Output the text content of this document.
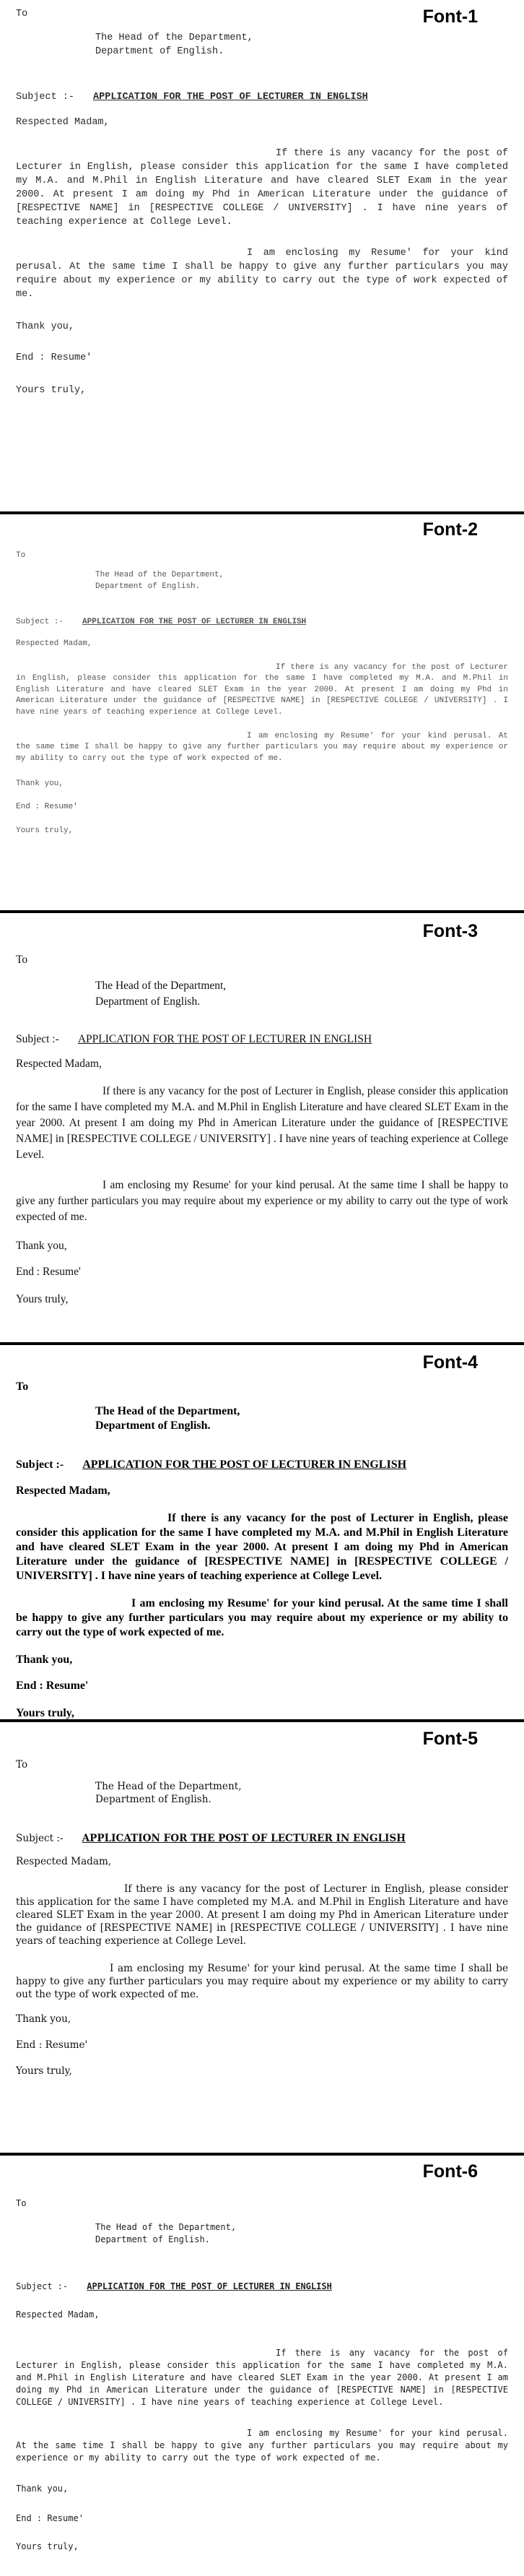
Font-1

To

The Head of the Department,

Department of English.

Subject :- APPLICATION FOR THE POST OF LECTURER IN ENGLISH

Respected Madam,

If there is any vacancy for the post of Lecturer in English, please consider this application for the same I have completed my M.A. and M.Phil in English Literature and have cleared SLET Exam in the year 2000. At present I am doing my Phd in American Literature under the guidance of [RESPECTIVE NAME] in [RESPECTIVE COLLEGE / UNIVERSITY] . I have nine years of teaching experience at College Level.

I am enclosing my Resume' for your kind perusal. At the same time I shall be happy to give any further particulars you may require about my experience or my ability to carry out the type of work expected of me.

Thank you,

End : Resume'

Yours truly,

Font-2

To

The Head of the Department,

Department of English.

Subject :- APPLICATION FOR THE POST OF LECTURER IN ENGLISH

Respected Madam,

If there is any vacancy for the post of Lecturer in English, please consider this application for the same I have completed my M.A. and M.Phil in English Literature and have cleared SLET Exam in the year 2000. At present I am doing my Phd in American Literature under the guidance of [RESPECTIVE NAME] in [RESPECTIVE COLLEGE / UNIVERSITY] . I have nine years of teaching experience at College Level.

I am enclosing my Resume' for your kind perusal. At the same time I shall be happy to give any further particulars you may require about my experience or my ability to carry out the type of work expected of me.

Thank you,

End : Resume'

Yours truly,

Font-3

To

The Head of the Department,

Department of English.

Subject :- APPLICATION FOR THE POST OF LECTURER IN ENGLISH

Respected Madam,

If there is any vacancy for the post of Lecturer in English, please consider this application for the same I have completed my M.A. and M.Phil in English Literature and have cleared SLET Exam in the year 2000. At present I am doing my Phd in American Literature under the guidance of [RESPECTIVE NAME] in [RESPECTIVE COLLEGE / UNIVERSITY] . I have nine years of teaching experience at College Level.

I am enclosing my Resume' for your kind perusal. At the same time I shall be happy to give any further particulars you may require about my experience or my ability to carry out the type of work expected of me.

Thank you,

End : Resume'

Yours truly,

Font-4

To

The Head of the Department,

Department of English.

Subject :- APPLICATION FOR THE POST OF LECTURER IN ENGLISH

Respected Madam,

If there is any vacancy for the post of Lecturer in English, please consider this application for the same I have completed my M.A. and M.Phil in English Literature and have cleared SLET Exam in the year 2000. At present I am doing my Phd in American Literature under the guidance of [RESPECTIVE NAME] in [RESPECTIVE COLLEGE / UNIVERSITY] . I have nine years of teaching experience at College Level.

I am enclosing my Resume' for your kind perusal. At the same time I shall be happy to give any further particulars you may require about my experience or my ability to carry out the type of work expected of me.

Thank you,

End : Resume'

Yours truly,

Font-5

To

The Head of the Department,

Department of English.

Subject :- APPLICATION FOR THE POST OF LECTURER IN ENGLISH

Respected Madam,

If there is any vacancy for the post of Lecturer in English, please consider this application for the same I have completed my M.A. and M.Phil in English Literature and have cleared SLET Exam in the year 2000. At present I am doing my Phd in American Literature under the guidance of [RESPECTIVE NAME] in [RESPECTIVE COLLEGE / UNIVERSITY] . I have nine years of teaching experience at College Level.

I am enclosing my Resume' for your kind perusal. At the same time I shall be happy to give any further particulars you may require about my experience or my ability to carry out the type of work expected of me.

Thank you,

End : Resume'

Yours truly,

Font-6

To

The Head of the Department,

Department of English.

Subject :- APPLICATION FOR THE POST OF LECTURER IN ENGLISH

Respected Madam,

If there is any vacancy for the post of Lecturer in English, please consider this application for the same I have completed my M.A. and M.Phil in English Literature and have cleared SLET Exam in the year 2000. At present I am doing my Phd in American Literature under the guidance of [RESPECTIVE NAME] in [RESPECTIVE COLLEGE / UNIVERSITY] . I have nine years of teaching experience at College Level.

I am enclosing my Resume' for your kind perusal. At the same time I shall be happy to give any further particulars you may require about my experience or my ability to carry out the type of work expected of me.

Thank you,

End : Resume'

Yours truly,
